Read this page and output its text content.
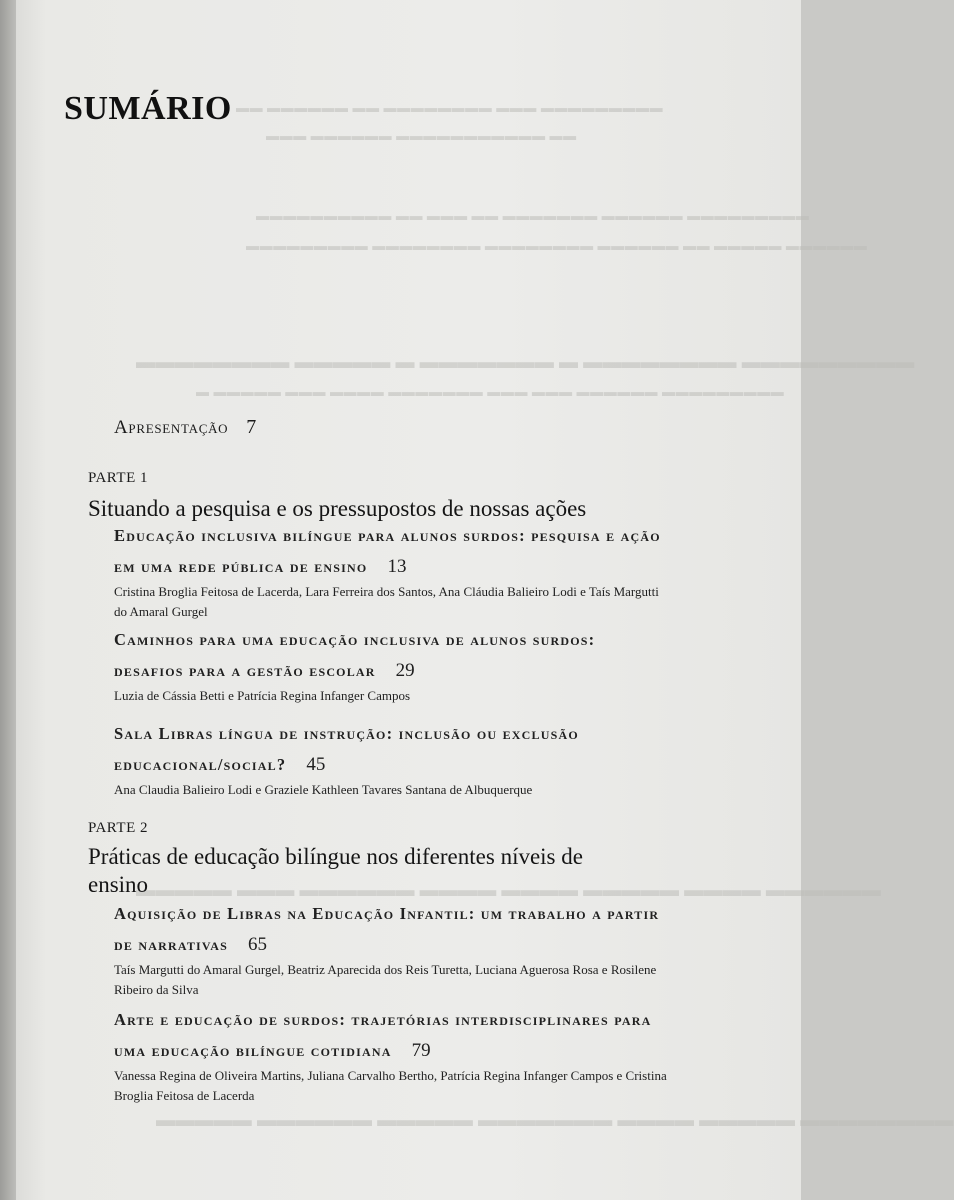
▬▬ ▬▬▬▬▬▬ ▬▬ ▬▬▬▬▬▬▬▬ ▬▬▬ ▬▬▬▬▬▬▬▬▬
▬▬▬ ▬▬▬▬▬▬ ▬▬▬▬▬▬▬▬▬▬▬ ▬▬
▬▬▬▬▬▬▬▬▬▬ ▬▬ ▬▬▬ ▬▬ ▬▬▬▬▬▬▬ ▬▬▬▬▬▬ ▬▬▬▬▬▬▬▬▬
▬▬▬▬▬▬▬▬▬ ▬▬▬▬▬▬▬▬ ▬▬▬▬▬▬▬▬ ▬▬▬▬▬▬ ▬▬ ▬▬▬▬▬ ▬▬▬▬▬▬
▬▬▬▬▬▬▬▬ ▬▬▬▬▬ ▬ ▬▬▬▬▬▬▬ ▬ ▬▬▬▬▬▬▬▬ ▬▬▬▬▬▬▬▬▬
▬ ▬▬▬▬▬ ▬▬▬ ▬▬▬▬ ▬▬▬▬▬▬▬ ▬▬▬ ▬▬▬ ▬▬▬▬▬▬ ▬▬▬▬▬▬▬▬▬
▬▬▬▬▬ ▬▬▬ ▬▬▬▬▬▬ ▬▬▬▬ ▬▬▬▬ ▬▬▬▬▬ ▬▬▬▬ ▬▬▬▬▬▬
▬▬▬▬▬ ▬▬▬▬▬▬ ▬▬▬▬▬ ▬▬▬▬▬▬▬ ▬▬▬▬ ▬▬▬▬▬ ▬▬▬▬▬▬▬▬
SUMÁRIO
Apresentação 7
PARTE 1
Situando a pesquisa e os pressupostos de nossas ações
Educação inclusiva bilíngue para alunos surdos: pesquisa e ação
em uma rede pública de ensino 13
Cristina Broglia Feitosa de Lacerda, Lara Ferreira dos Santos, Ana Cláudia Balieiro Lodi e Taís Margutti
do Amaral Gurgel
Caminhos para uma educação inclusiva de alunos surdos:
desafios para a gestão escolar 29
Luzia de Cássia Betti e Patrícia Regina Infanger Campos
Sala Libras língua de instrução: inclusão ou exclusão
educacional/social? 45
Ana Claudia Balieiro Lodi e Graziele Kathleen Tavares Santana de Albuquerque
PARTE 2
Práticas de educação bilíngue nos diferentes níveis de
ensino
Aquisição de Libras na Educação Infantil: um trabalho a partir
de narrativas 65
Taís Margutti do Amaral Gurgel, Beatriz Aparecida dos Reis Turetta, Luciana Aguerosa Rosa e Rosilene
Ribeiro da Silva
Arte e educação de surdos: trajetórias interdisciplinares para
uma educação bilíngue cotidiana 79
Vanessa Regina de Oliveira Martins, Juliana Carvalho Bertho, Patrícia Regina Infanger Campos e Cristina
Broglia Feitosa de Lacerda
